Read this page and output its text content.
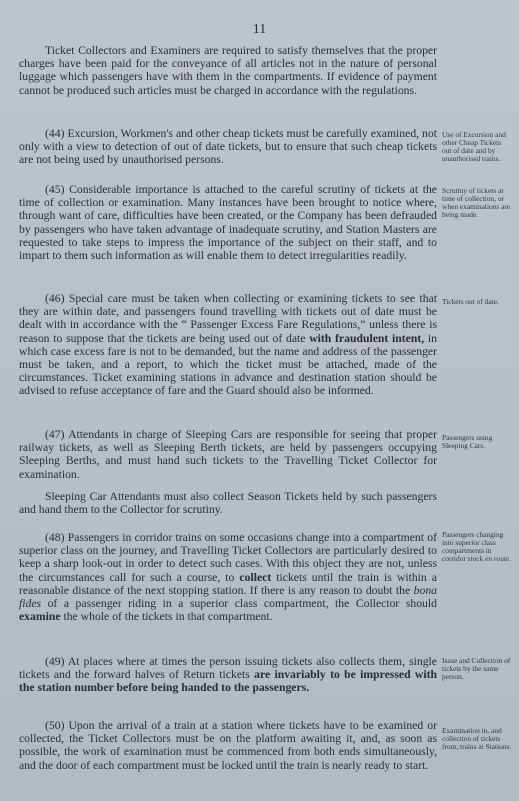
11
Ticket Collectors and Examiners are required to satisfy themselves that the proper charges have been paid for the conveyance of all articles not in the nature of personal luggage which passengers have with them in the compartments. If evidence of payment cannot be produced such articles must be charged in accordance with the regulations.
(44) Excursion, Workmen's and other cheap tickets must be carefully examined, not only with a view to detection of out of date tickets, but to ensure that such cheap tickets are not being used by unauthorised persons.
Use of Excursion and other Cheap Tickets out of date and by unauthorised trains.
(45) Considerable importance is attached to the careful scrutiny of tickets at the time of collection or examination. Many instances have been brought to notice where, through want of care, difficulties have been created, or the Company has been defrauded by passengers who have taken advantage of inadequate scrutiny, and Station Masters are requested to take steps to impress the importance of the subject on their staff, and to impart to them such information as will enable them to detect irregularities readily.
Scrutiny of tickets at time of collection, or when examinations are being made.
(46) Special care must be taken when collecting or examining tickets to see that they are within date, and passengers found travelling with tickets out of date must be dealt with in accordance with the “ Passenger Excess Fare Regulations,” unless there is reason to suppose that the tickets are being used out of date with fraudulent intent, in which case excess fare is not to be demanded, but the name and address of the passenger must be taken, and a report, to which the ticket must be attached, made of the circumstances. Ticket examining stations in advance and destination station should be advised to refuse acceptance of fare and the Guard should also be informed.
Tickets out of date.
(47) Attendants in charge of Sleeping Cars are responsible for seeing that proper railway tickets, as well as Sleeping Berth tickets, are held by passengers occupying Sleeping Berths, and must hand such tickets to the Travelling Ticket Collector for examination.
Passengers using Sleeping Cars.
Sleeping Car Attendants must also collect Season Tickets held by such passengers and hand them to the Collector for scrutiny.
(48) Passengers in corridor trains on some occasions change into a compartment of superior class on the journey, and Travelling Ticket Collectors are particularly desired to keep a sharp look-out in order to detect such cases. With this object they are not, unless the circumstances call for such a course, to collect tickets until the train is within a reasonable distance of the next stopping station. If there is any reason to doubt the bona fides of a passenger riding in a superior class compartment, the Collector should examine the whole of the tickets in that compartment.
Passengers changing into superior class compartments in corridor stock en route.
(49) At places where at times the person issuing tickets also collects them, single tickets and the forward halves of Return tickets are invariably to be impressed with the station number before being handed to the passengers.
Issue and Collection of tickets by the same person.
(50) Upon the arrival of a train at a station where tickets have to be examined or collected, the Ticket Collectors must be on the platform awaiting it, and, as soon as possible, the work of examination must be commenced from both ends simultaneously, and the door of each compartment must be locked until the train is nearly ready to start.
Examination in, and collection of tickets from, trains at Stations.
